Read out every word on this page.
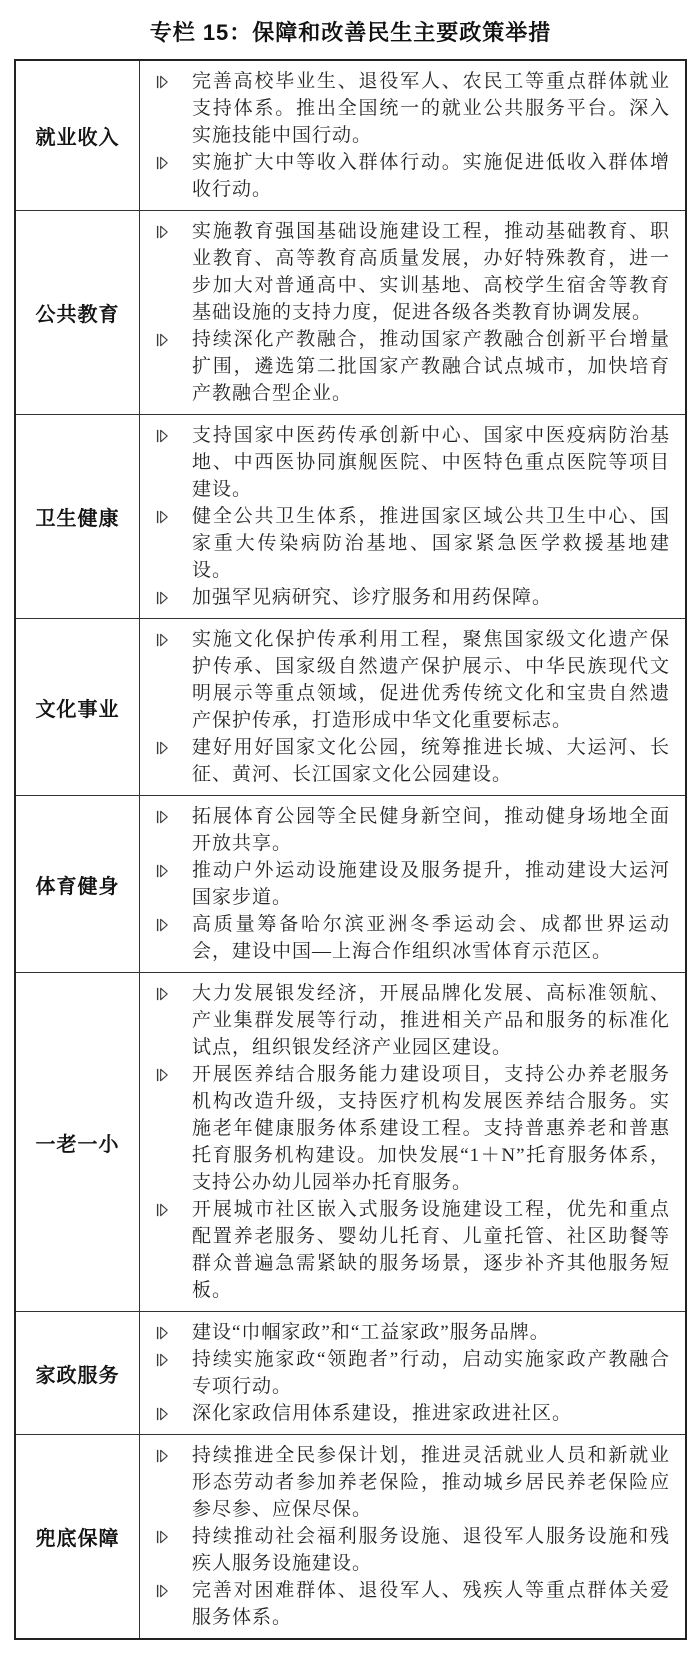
专栏 15：保障和改善民生主要政策举措
就业收入
完善高校毕业生、退役军人、农民工等重点群体就业支持体系。推出全国统一的就业公共服务平台。深入实施技能中国行动。
实施扩大中等收入群体行动。实施促进低收入群体增收行动。
公共教育
实施教育强国基础设施建设工程，推动基础教育、职业教育、高等教育高质量发展，办好特殊教育，进一步加大对普通高中、实训基地、高校学生宿舍等教育基础设施的支持力度，促进各级各类教育协调发展。
持续深化产教融合，推动国家产教融合创新平台增量扩围，遴选第二批国家产教融合试点城市，加快培育产教融合型企业。
卫生健康
支持国家中医药传承创新中心、国家中医疫病防治基地、中西医协同旗舰医院、中医特色重点医院等项目建设。
健全公共卫生体系，推进国家区域公共卫生中心、国家重大传染病防治基地、国家紧急医学救援基地建设。
加强罕见病研究、诊疗服务和用药保障。
文化事业
实施文化保护传承利用工程，聚焦国家级文化遗产保护传承、国家级自然遗产保护展示、中华民族现代文明展示等重点领域，促进优秀传统文化和宝贵自然遗产保护传承，打造形成中华文化重要标志。
建好用好国家文化公园，统筹推进长城、大运河、长征、黄河、长江国家文化公园建设。
体育健身
拓展体育公园等全民健身新空间，推动健身场地全面开放共享。
推动户外运动设施建设及服务提升，推动建设大运河国家步道。
高质量筹备哈尔滨亚洲冬季运动会、成都世界运动会，建设中国—上海合作组织冰雪体育示范区。
一老一小
大力发展银发经济，开展品牌化发展、高标准领航、产业集群发展等行动，推进相关产品和服务的标准化试点，组织银发经济产业园区建设。
开展医养结合服务能力建设项目，支持公办养老服务机构改造升级，支持医疗机构发展医养结合服务。实施老年健康服务体系建设工程。支持普惠养老和普惠托育服务机构建设。加快发展“1＋N”托育服务体系，支持公办幼儿园举办托育服务。
开展城市社区嵌入式服务设施建设工程，优先和重点配置养老服务、婴幼儿托育、儿童托管、社区助餐等群众普遍急需紧缺的服务场景，逐步补齐其他服务短板。
家政服务
建设“巾帼家政”和“工益家政”服务品牌。
持续实施家政“领跑者”行动，启动实施家政产教融合专项行动。
深化家政信用体系建设，推进家政进社区。
兜底保障
持续推进全民参保计划，推进灵活就业人员和新就业形态劳动者参加养老保险，推动城乡居民养老保险应参尽参、应保尽保。
持续推动社会福利服务设施、退役军人服务设施和残疾人服务设施建设。
完善对困难群体、退役军人、残疾人等重点群体关爱服务体系。
